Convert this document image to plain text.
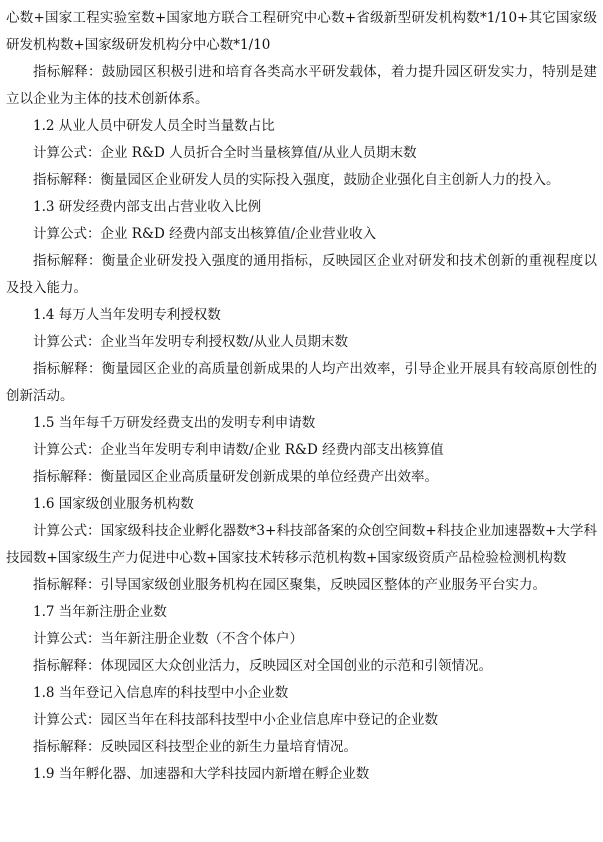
心数+国家工程实验室数+国家地方联合工程研究中心数+省级新型研发机构数*1/10+其它国家级研发机构数+国家级研发机构分中心数*1/10

指标解释：鼓励园区积极引进和培育各类高水平研发载体，着力提升园区研发实力，特别是建立以企业为主体的技术创新体系。

1.2 从业人员中研发人员全时当量数占比

计算公式：企业 R&D 人员折合全时当量核算值/从业人员期末数

指标解释：衡量园区企业研发人员的实际投入强度，鼓励企业强化自主创新人力的投入。

1.3 研发经费内部支出占营业收入比例

计算公式：企业 R&D 经费内部支出核算值/企业营业收入

指标解释：衡量企业研发投入强度的通用指标，反映园区企业对研发和技术创新的重视程度以及投入能力。

1.4 每万人当年发明专利授权数

计算公式：企业当年发明专利授权数/从业人员期末数

指标解释：衡量园区企业的高质量创新成果的人均产出效率，引导企业开展具有较高原创性的创新活动。

1.5 当年每千万研发经费支出的发明专利申请数

计算公式：企业当年发明专利申请数/企业 R&D 经费内部支出核算值

指标解释：衡量园区企业高质量研发创新成果的单位经费产出效率。

1.6 国家级创业服务机构数

计算公式：国家级科技企业孵化器数*3+科技部备案的众创空间数+科技企业加速器数+大学科技园数+国家级生产力促进中心数+国家技术转移示范机构数+国家级资质产品检验检测机构数

指标解释：引导国家级创业服务机构在园区聚集，反映园区整体的产业服务平台实力。

1.7 当年新注册企业数

计算公式：当年新注册企业数（不含个体户）

指标解释：体现园区大众创业活力，反映园区对全国创业的示范和引领情况。

1.8 当年登记入信息库的科技型中小企业数

计算公式：园区当年在科技部科技型中小企业信息库中登记的企业数

指标解释：反映园区科技型企业的新生力量培育情况。

1.9 当年孵化器、加速器和大学科技园内新增在孵企业数
